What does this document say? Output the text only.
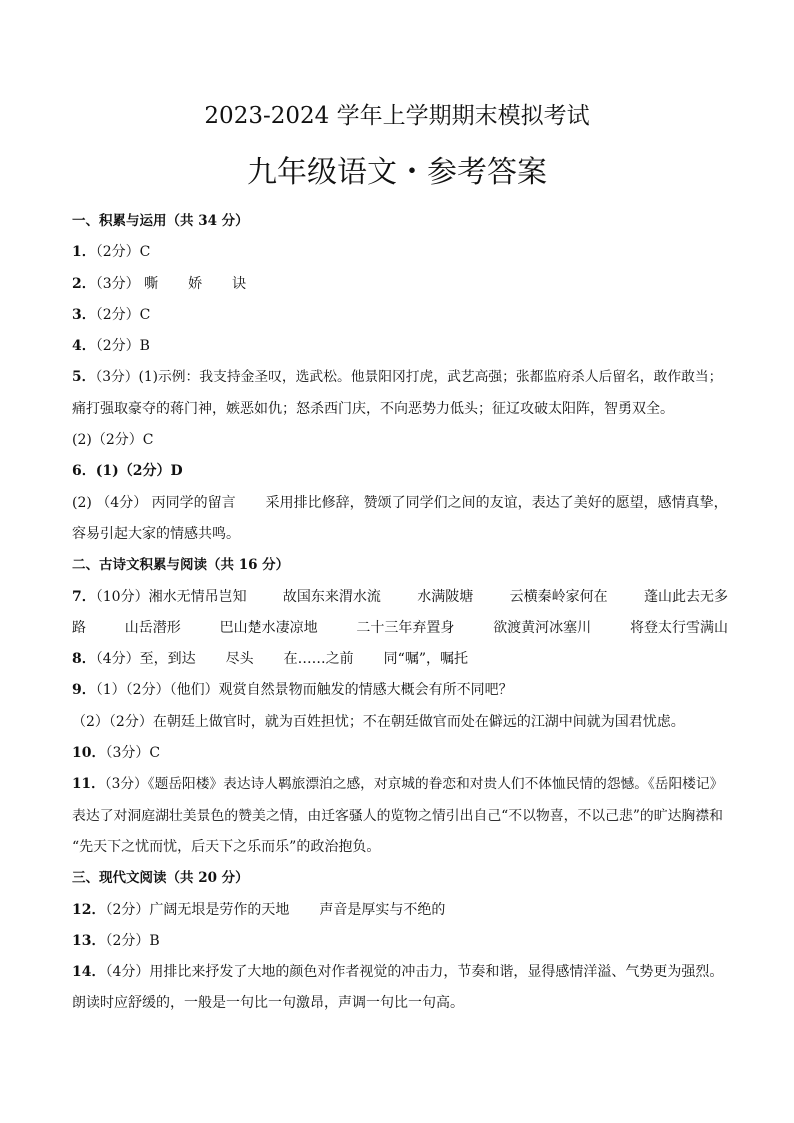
2023-2024 学年上学期期末模拟考试
九年级语文・参考答案

一、积累与运用（共 34 分）

1．（2分）C

2．（3分） 嘶 娇 诀

3．（2分）C

4．（2分）B

5．（3分）(1)示例：我支持金圣叹，选武松。他景阳冈打虎，武艺高强；张都监府杀人后留名，敢作敢当；

痛打强取豪夺的蒋门神，嫉恶如仇；怒杀西门庆，不向恶势力低头；征辽攻破太阳阵，智勇双全。

(2)（2分）C

6．(1)（2分）D

(2) （4分） 丙同学的留言 采用排比修辞，赞颂了同学们之间的友谊，表达了美好的愿望，感情真挚，

容易引起大家的情感共鸣。

二、古诗文积累与阅读（共 16 分）

7．（10分）湘水无情吊岂知	故国东来渭水流	水满陂塘	云横秦岭家何在	蓬山此去无多

路	山岳潜形	巴山楚水凄凉地	二十三年弃置身	欲渡黄河冰塞川	将登太行雪满山

8．（4分）至，到达 尽头 在……之前 同“嘱”，嘱托

9．（1）（2分）（他们）观赏自然景物而触发的情感大概会有所不同吧？

（2）（2分）在朝廷上做官时，就为百姓担忧；不在朝廷做官而处在僻远的江湖中间就为国君忧虑。

10．（3分）C

11．（3分）《题岳阳楼》表达诗人羁旅漂泊之感，对京城的眷恋和对贵人们不体恤民情的怨憾。《岳阳楼记》

表达了对洞庭湖壮美景色的赞美之情，由迁客骚人的览物之情引出自己“不以物喜，不以己悲”的旷达胸襟和

“先天下之忧而忧，后天下之乐而乐”的政治抱负。

三、现代文阅读（共 20 分）

12．（2分）广阔无垠是劳作的天地 声音是厚实与不绝的

13．（2分）B

14．（4分）用排比来抒发了大地的颜色对作者视觉的冲击力，节奏和谐，显得感情洋溢、气势更为强烈。

朗读时应舒缓的，一般是一句比一句激昂，声调一句比一句高。
